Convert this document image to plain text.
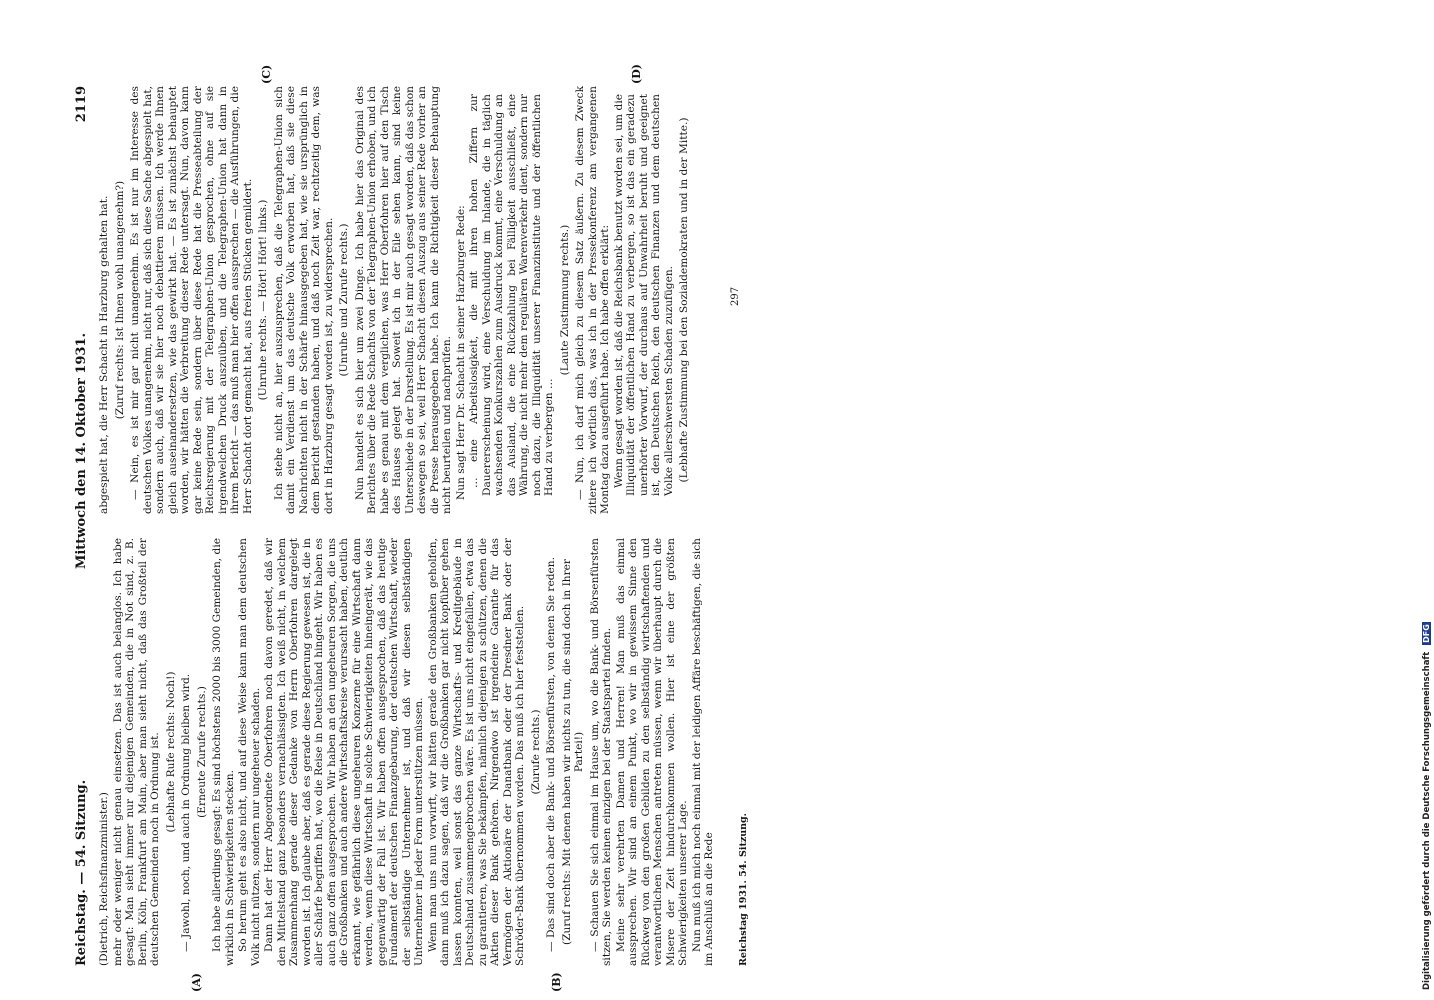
Reichstag. — 54. Sitzung.
Mittwoch den 14. Oktober 1931.
2119

(Dietrich, Reichsfinanzminister.) mehr oder weniger nicht genau einsetzen. Das ist auch belanglos. Ich habe gesagt: Man sieht immer nur diejenigen Gemeinden, die in Not sind, z. B. Berlin, Köln, Frankfurt am Main, aber man sieht nicht, daß das Großteil der deutschen Gemeinden noch in Ordnung ist. (Lebhafte Rufe rechts: Noch!) — Jawohl, noch, und auch in Ordnung bleiben wird. (Erneute Zurufe rechts.) Ich habe allerdings gesagt: Es sind höchstens 2000 bis 3000 Gemeinden, die wirklich in Schwierigkeiten stecken. So herum geht es also nicht, und auf diese Weise kann man dem deutschen Volk nicht nützen, sondern nur ungeheuer schaden. Dann hat der Herr Abgeordnete Oberfohren noch davon geredet, daß wir den Mittelstand ganz besonders vernachlässigten. Ich weiß nicht, in welchem Zusammenhang gerade dieser Gedanke von Herrn Oberfohren dargelegt worden ist. Ich glaube aber, daß es gerade diese Regierung gewesen ist, die in aller Schärfe begriffen hat, wo die Reise in Deutschland hingeht. Wir haben es auch ganz offen ausgesprochen. Wir haben an den ungeheuren Sorgen, die uns die Großbanken und auch andere Wirtschaftskreise verursacht haben, deutlich erkannt, wie gefährlich diese ungeheuren Konzerne für eine Wirtschaft dann werden, wenn diese Wirtschaft in solche Schwierigkeiten hineingerät, wie das gegenwärtig der Fall ist. Wir haben offen ausgesprochen, daß das heutige Fundament der deutschen Finanzgebarung, der deutschen Wirtschaft, wieder der selbständige Unternehmer ist, und daß wir diesen selbständigen Unternehmer in jeder Form unterstützen müssen. Wenn man uns nun vorwirft, wir hätten gerade den Großbanken geholfen, dann muß ich dazu sagen, daß wir die Großbanken gar nicht kopfüber gehen lassen konnten, weil sonst das ganze Wirtschafts- und Kreditgebäude in Deutschland zusammengebrochen wäre. Es ist uns nicht eingefallen, etwa das zu garantieren, was Sie bekämpfen, nämlich diejenigen zu schützen, denen die Aktien dieser Bank gehören. Nirgendwo ist irgendeine Garantie für das Vermögen der Aktionäre der Danatbank oder der Dresdner Bank oder der Schröder-Bank übernommen worden. Das muß ich hier feststellen. (Zurufe rechts.) — Das sind doch aber die Bank- und Börsenfürsten, von denen Sie reden. (Zuruf rechts: Mit denen haben wir nichts zu tun, die sind doch in Ihrer Partei!) — Schauen Sie sich einmal im Hause um, wo die Bank- und Börsenfürsten sitzen, Sie werden keinen einzigen bei der Staatspartei finden. Meine sehr verehrten Damen und Herren! Man muß das einmal aussprechen. Wir sind an einem Punkt, wo wir in gewissem Sinne den Rückweg von den großen Gebilden zu den selbständig wirtschaftenden und verantwortlichen Menschen antreten müssen, wenn wir überhaupt durch die Misere der Zeit hindurchkommen wollen. Hier ist eine der größten Schwierigkeiten unserer Lage. Nun muß ich mich noch einmal mit der leidigen Affäre beschäftigen, die sich im Anschluß an die Rede

abgespielt hat, die Herr Schacht in Harzburg gehalten hat. (Zuruf rechts: Ist Ihnen wohl unangenehm?) — Nein, es ist mir gar nicht unangenehm. Es ist nur im Interesse des deutschen Volkes unangenehm, nicht nur, daß sich diese Sache abgespielt hat, sondern auch, daß wir sie hier noch debattieren müssen. Ich werde Ihnen gleich auseinandersetzen, wie das gewirkt hat. — Es ist zunächst behauptet worden, wir hätten die Verbreitung dieser Rede untersagt. Nun, davon kann gar keine Rede sein, sondern über diese Rede hat die Presseabteilung der Reichsregierung mit der Telegraphen-Union gesprochen, ohne auf sie irgendwelchen Druck auszuüben, und die Telegraphen-Union hat dann in ihrem Bericht — das muß man hier offen aussprechen — die Ausführungen, die Herr Schacht dort gemacht hat, aus freien Stücken gemildert. (Unruhe rechts. — Hört! Hört! links.) Ich stehe nicht an, hier auszusprechen, daß die Telegraphen-Union sich damit ein Verdienst um das deutsche Volk erworben hat, daß sie diese Nachrichten nicht in der Schärfe hinausgegeben hat, wie sie ursprünglich in dem Bericht gestanden haben, und daß noch Zeit war, rechtzeitig dem, was dort in Harzburg gesagt worden ist, zu widersprechen. (Unruhe und Zurufe rechts.) Nun handelt es sich hier um zwei Dinge. Ich habe hier das Original des Berichtes über die Rede Schachts von der Telegraphen-Union erhoben, und ich habe es genau mit dem verglichen, was Herr Oberfohren hier auf den Tisch des Hauses gelegt hat. Soweit ich in der Eile sehen kann, sind keine Unterschiede in der Darstellung. Es ist mir auch gesagt worden, daß das schon deswegen so sei, weil Herr Schacht diesen Auszug aus seiner Rede vorher an die Presse herausgegeben habe. Ich kann die Richtigkeit dieser Behauptung nicht beurteilen und nachprüfen. Nun sagt Herr Dr. Schacht in seiner Harzburger Rede: … eine Arbeitslosigkeit, die mit ihren hohen Ziffern zur Dauererscheinung wird, eine Verschuldung im Inlande, die in täglich wachsenden Konkurszahlen zum Ausdruck kommt, eine Verschuldung an das Ausland, die eine Rückzahlung bei Fälligkeit ausschließt, eine Währung, die nicht mehr dem regulären Warenverkehr dient, sondern nur noch dazu, die Illiquidität unserer Finanzinstitute und der öffentlichen Hand zu verbergen …

(Laute Zustimmung rechts.) — Nun, ich darf mich gleich zu diesem Satz äußern. Zu diesem Zweck zitiere ich wörtlich das, was ich in der Pressekonferenz am vergangenen Montag dazu ausgeführt habe. Ich habe offen erklärt: Wenn gesagt worden ist, daß die Reichsbank benutzt worden sei, um die Illiquidität der öffentlichen Hand zu verbergen, so ist das ein geradezu unerhörter Vorwurf, der durchaus auf Unwahrheit beruht und geeignet ist, den Deutschen Reich, den deutschen Finanzen und dem deutschen Volke allerschwersten Schaden zuzufügen. (Lebhafte Zustimmung bei den Sozialdemokraten und in der Mitte.)

(A)	(B)
(C)	(D)
Reichstag 1931. 54. Sitzung.
297
Digitalisierung gefördert durch die Deutsche Forschungsgemeinschaft DFG
